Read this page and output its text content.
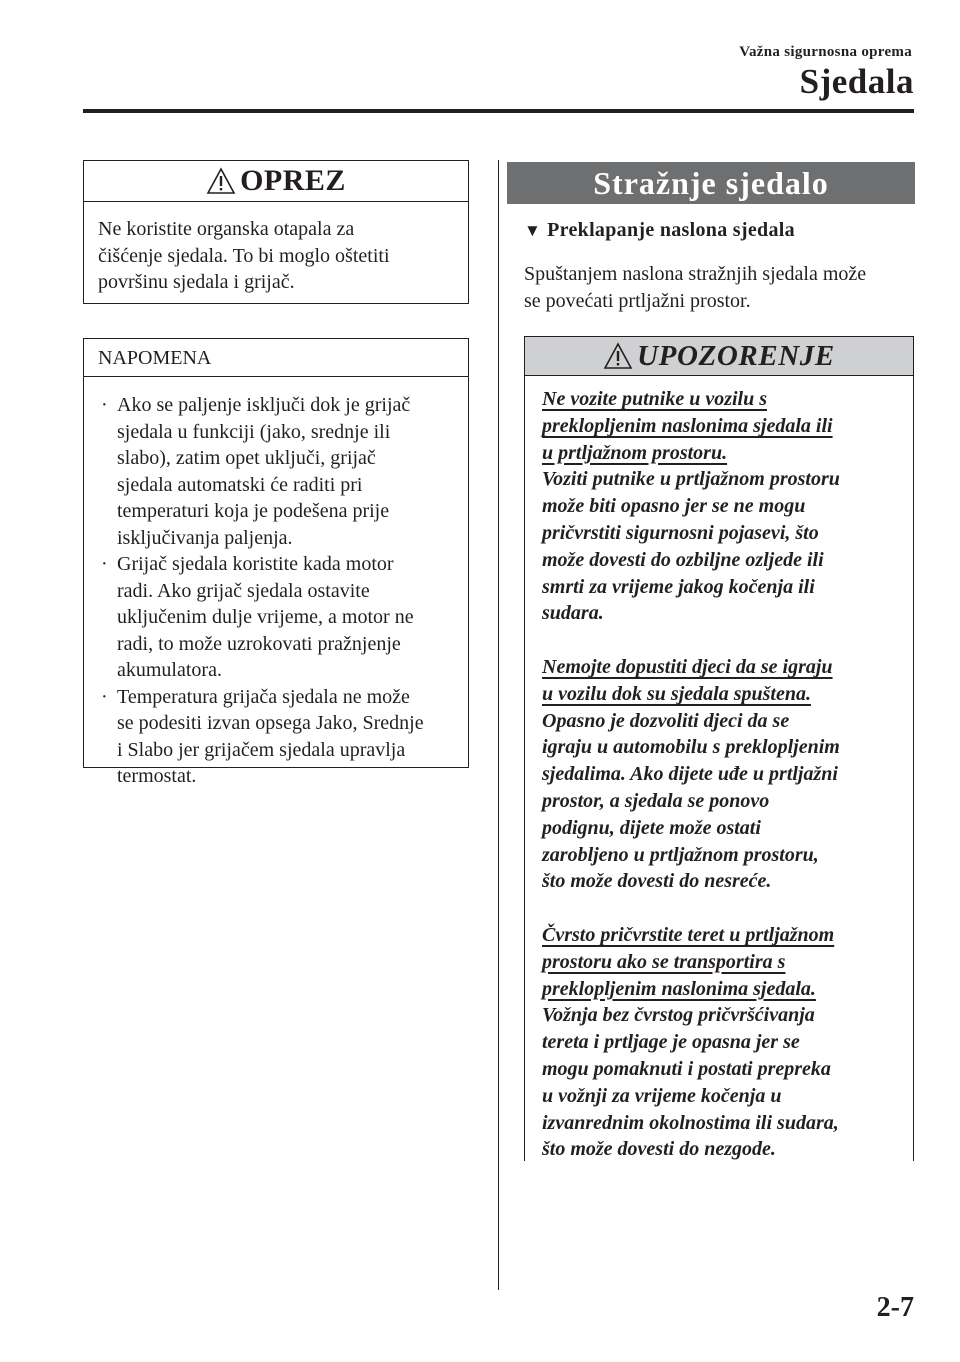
Važna sigurnosna oprema
Sjedala
OPREZ
Ne koristite organska otapala za
čišćenje sjedala. To bi moglo oštetiti
površinu sjedala i grijač.
NAPOMENA
· Ako se paljenje isključi dok je grijač
sjedala u funkciji (jako, srednje ili
slabo), zatim opet uključi, grijač
sjedala automatski će raditi pri
temperaturi koja je podešena prije
isključivanja paljenja.
· Grijač sjedala koristite kada motor
radi. Ako grijač sjedala ostavite
uključenim dulje vrijeme, a motor ne
radi, to može uzrokovati pražnjenje
akumulatora.
· Temperatura grijača sjedala ne može
se podesiti izvan opsega Jako, Srednje
i Slabo jer grijačem sjedala upravlja
termostat.
Stražnje sjedalo
▼ Preklapanje naslona sjedala
Spuštanjem naslona stražnjih sjedala može
se povećati prtljažni prostor.
UPOZORENJE
Ne vozite putnike u vozilu s
preklopljenim naslonima sjedala ili
u prtljažnom prostoru.
Voziti putnike u prtljažnom prostoru
može biti opasno jer se ne mogu
pričvrstiti sigurnosni pojasevi, što
može dovesti do ozbiljne ozljede ili
smrti za vrijeme jakog kočenja ili
sudara.
Nemojte dopustiti djeci da se igraju
u vozilu dok su sjedala spuštena.
Opasno je dozvoliti djeci da se
igraju u automobilu s preklopljenim
sjedalima. Ako dijete uđe u prtljažni
prostor, a sjedala se ponovo
podignu, dijete može ostati
zarobljeno u prtljažnom prostoru,
što može dovesti do nesreće.
Čvrsto pričvrstite teret u prtljažnom
prostoru ako se transportira s
preklopljenim naslonima sjedala.
Vožnja bez čvrstog pričvršćivanja
tereta i prtljage je opasna jer se
mogu pomaknuti i postati prepreka
u vožnji za vrijeme kočenja u
izvanrednim okolnostima ili sudara,
što može dovesti do nezgode.
2-7
